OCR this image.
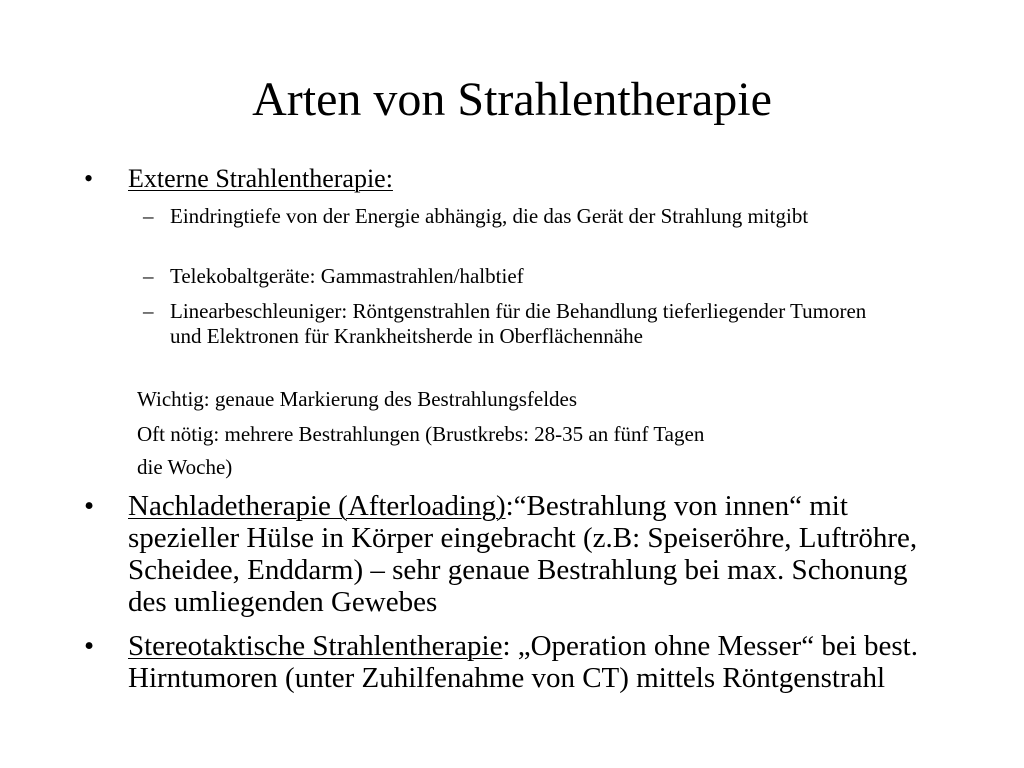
Arten von Strahlentherapie

• Externe Strahlentherapie:

– Eindringtiefe von der Energie abhängig, die das Gerät der Strahlung mitgibt

– Telekobaltgeräte: Gammastrahlen/halbtief

– Linearbeschleuniger: Röntgenstrahlen für die Behandlung tieferliegender Tumoren und Elektronen für Krankheitsherde in Oberflächennähe

Wichtig: genaue Markierung des Bestrahlungsfeldes

Oft nötig: mehrere Bestrahlungen (Brustkrebs: 28-35 an fünf Tagen

die Woche)

• Nachladetherapie (Afterloading):“Bestrahlung von innen“ mit spezieller Hülse in Körper eingebracht (z.B: Speiseröhre, Luftröhre, Scheidee, Enddarm) – sehr genaue Bestrahlung bei max. Schonung des umliegenden Gewebes

• Stereotaktische Strahlentherapie: „Operation ohne Messer“ bei best. Hirntumoren (unter Zuhilfenahme von CT) mittels Röntgenstrahl
